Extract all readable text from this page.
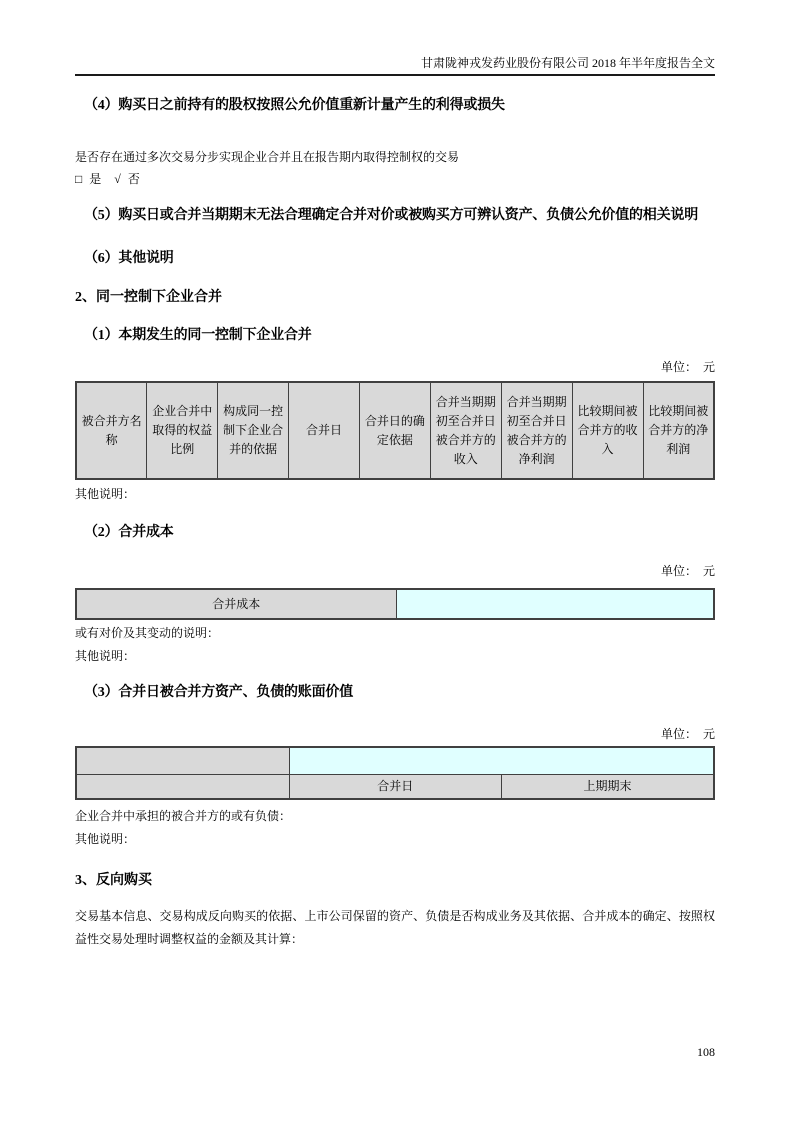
甘肃陇神戎发药业股份有限公司 2018 年半年度报告全文
（4）购买日之前持有的股权按照公允价值重新计量产生的利得或损失
是否存在通过多次交易分步实现企业合并且在报告期内取得控制权的交易
□ 是 √ 否
（5）购买日或合并当期期末无法合理确定合并对价或被购买方可辨认资产、负债公允价值的相关说明
（6）其他说明
2、同一控制下企业合并
（1）本期发生的同一控制下企业合并
单位：　元
被合并方名称	企业合并中取得的权益比例	构成同一控制下企业合并的依据	合并日	合并日的确定依据	合并当期期初至合并日被合并方的收入	合并当期期初至合并日被合并方的净利润	比较期间被合并方的收入	比较期间被合并方的净利润
其他说明：
（2）合并成本
单位：　元
合并成本	
或有对价及其变动的说明：
其他说明：
（3）合并日被合并方资产、负债的账面价值
单位：　元

	合并日	上期期末
企业合并中承担的被合并方的或有负债：
其他说明：
3、反向购买
交易基本信息、交易构成反向购买的依据、上市公司保留的资产、负债是否构成业务及其依据、合并成本的确定、按照权益性交易处理时调整权益的金额及其计算：
108
